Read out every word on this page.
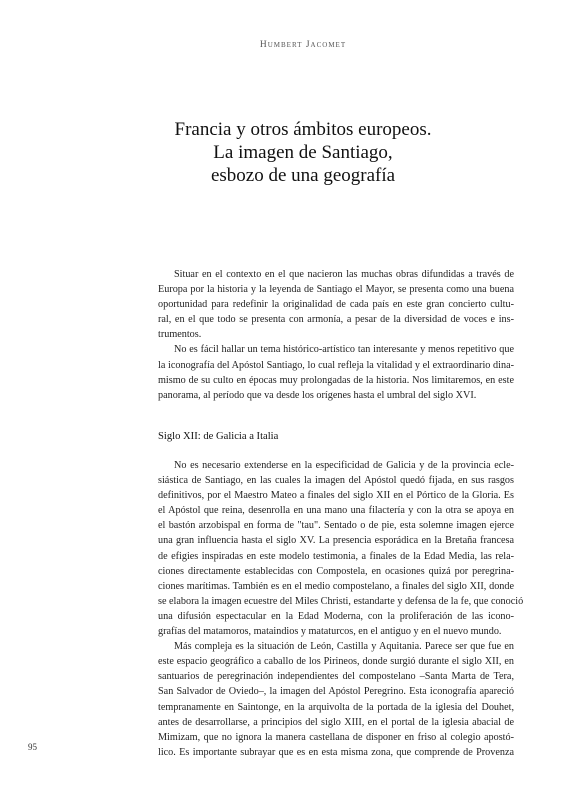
Humbert Jacomet
Francia y otros ámbitos europeos.
La imagen de Santiago,
esbozo de una geografía

Situar en el contexto en el que nacieron las muchas obras difundidas a través de
Europa por la historia y la leyenda de Santiago el Mayor, se presenta como una buena
oportunidad para redefinir la originalidad de cada país en este gran concierto cultu-
ral, en el que todo se presenta con armonía, a pesar de la diversidad de voces e ins-
trumentos.

No es fácil hallar un tema histórico-artístico tan interesante y menos repetitivo que
la iconografía del Apóstol Santiago, lo cual refleja la vitalidad y el extraordinario dina-
mismo de su culto en épocas muy prolongadas de la historia. Nos limitaremos, en este
panorama, al período que va desde los orígenes hasta el umbral del siglo XVI.

Siglo XII: de Galicia a Italia

No es necesario extenderse en la especificidad de Galicia y de la provincia ecle-
siástica de Santiago, en las cuales la imagen del Apóstol quedó fijada, en sus rasgos
definitivos, por el Maestro Mateo a finales del siglo XII en el Pórtico de la Gloria. Es
el Apóstol que reina, desenrolla en una mano una filactería y con la otra se apoya en
el bastón arzobispal en forma de "tau". Sentado o de pie, esta solemne imagen ejerce
una gran influencia hasta el siglo XV. La presencia esporádica en la Bretaña francesa
de efigies inspiradas en este modelo testimonia, a finales de la Edad Media, las rela-
ciones directamente establecidas con Compostela, en ocasiones quizá por peregrina-
ciones marítimas. También es en el medio compostelano, a finales del siglo XII, donde
se elabora la imagen ecuestre del Miles Christi, estandarte y defensa de la fe, que conoció
una difusión espectacular en la Edad Moderna, con la proliferación de las icono-
grafías del matamoros, mataindios y mataturcos, en el antiguo y en el nuevo mundo.

Más compleja es la situación de León, Castilla y Aquitania. Parece ser que fue en
este espacio geográfico a caballo de los Pirineos, donde surgió durante el siglo XII, en
santuarios de peregrinación independientes del compostelano –Santa Marta de Tera,
San Salvador de Oviedo–, la imagen del Apóstol Peregrino. Esta iconografía apareció
tempranamente en Saintonge, en la arquivolta de la portada de la iglesia del Douhet,
antes de desarrollarse, a principios del siglo XIII, en el portal de la iglesia abacial de
Mimizam, que no ignora la manera castellana de disponer en friso al colegio apostó-
lico. Es importante subrayar que es en esta misma zona, que comprende de Provenza

95
